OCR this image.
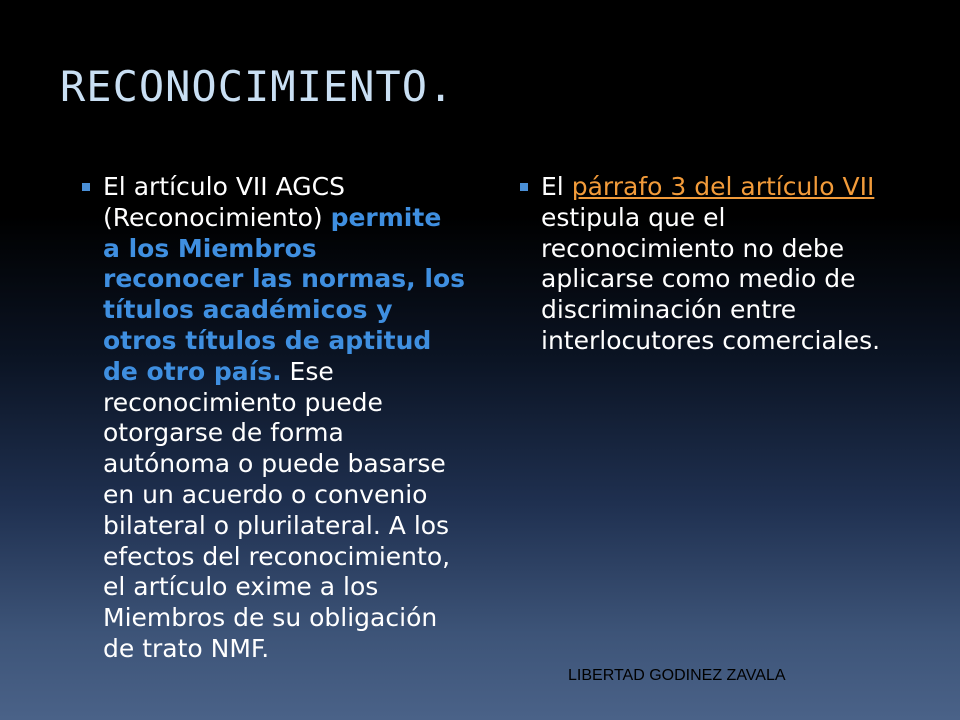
RECONOCIMIENTO.
El artículo VII AGCS (Reconocimiento) permite a los Miembros reconocer las normas, los títulos académicos y otros títulos de aptitud de otro país. Ese reconocimiento puede otorgarse de forma autónoma o puede basarse en un acuerdo o convenio bilateral o plurilateral. A los efectos del reconocimiento, el artículo exime a los Miembros de su obligación de trato NMF.
El párrafo 3 del artículo VII estipula que el reconocimiento no debe aplicarse como medio de discriminación entre interlocutores comerciales.
LIBERTAD GODINEZ ZAVALA
